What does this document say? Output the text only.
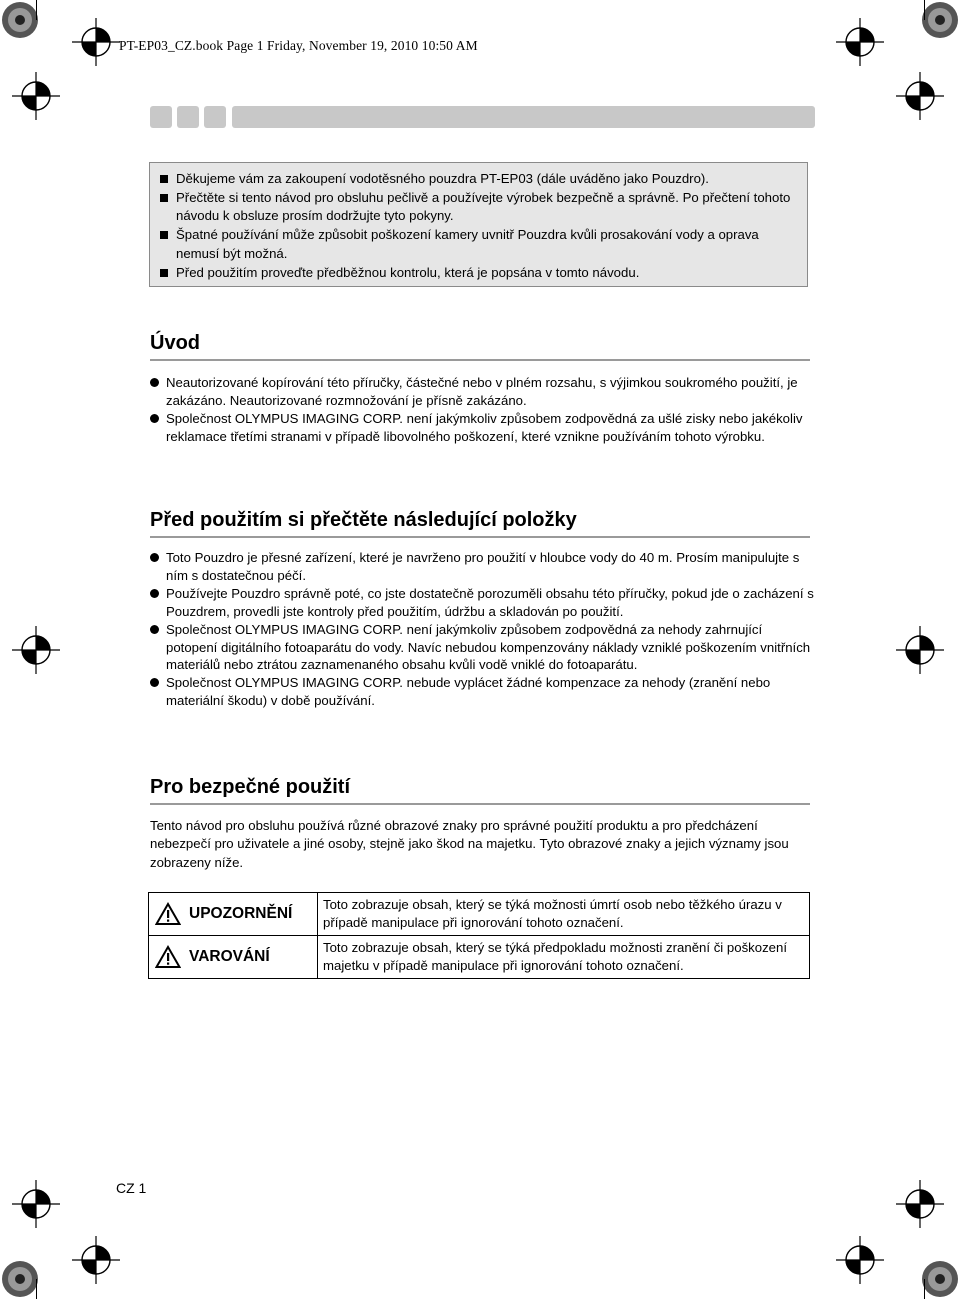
PT-EP03_CZ.book Page 1 Friday, November 19, 2010 10:50 AM
Děkujeme vám za zakoupení vodotěsného pouzdra PT-EP03 (dále uváděno jako Pouzdro).
Přečtěte si tento návod pro obsluhu pečlivě a používejte výrobek bezpečně a správně. Po přečtení tohoto návodu k obsluze prosím dodržujte tyto pokyny.
Špatné používání může způsobit poškození kamery uvnitř Pouzdra kvůli prosakování vody a oprava nemusí být možná.
Před použitím proveďte předběžnou kontrolu, která je popsána v tomto návodu.
Úvod
Neautorizované kopírování této příručky, částečné nebo v plném rozsahu, s výjimkou soukromého použití, je zakázáno. Neautorizované rozmnožování je přísně zakázáno.
Společnost OLYMPUS IMAGING CORP. není jakýmkoliv způsobem zodpovědná za ušlé zisky nebo jakékoliv reklamace třetími stranami v případě libovolného poškození, které vznikne používáním tohoto výrobku.
Před použitím si přečtěte následující položky
Toto Pouzdro je přesné zařízení, které je navrženo pro použití v hloubce vody do 40 m. Prosím manipulujte s ním s dostatečnou péčí.
Používejte Pouzdro správně poté, co jste dostatečně porozuměli obsahu této příručky, pokud jde o zacházení s Pouzdrem, provedli jste kontroly před použitím, údržbu a skladován po použití.
Společnost OLYMPUS IMAGING CORP. není jakýmkoliv způsobem zodpovědná za nehody zahrnující potopení digitálního fotoaparátu do vody. Navíc nebudou kompenzovány náklady vzniklé poškozením vnitřních materiálů nebo ztrátou zaznamenaného obsahu kvůli vodě vniklé do fotoaparátu.
Společnost OLYMPUS IMAGING CORP. nebude vyplácet žádné kompenzace za nehody (zranění nebo materiální škodu) v době používání.
Pro bezpečné použití
Tento návod pro obsluhu používá různé obrazové znaky pro správné použití produktu a pro předcházení nebezpečí pro uživatele a jiné osoby, stejně jako škod na majetku. Tyto obrazové znaky a jejich významy jsou zobrazeny níže.
UPOZORNĚNÍ	Toto zobrazuje obsah, který se týká možnosti úmrtí osob nebo těžkého úrazu v případě manipulace při ignorování tohoto označení.

VAROVÁNÍ	Toto zobrazuje obsah, který se týká předpokladu možnosti zranění či poškození majetku v případě manipulace při ignorování tohoto označení.
CZ 1
